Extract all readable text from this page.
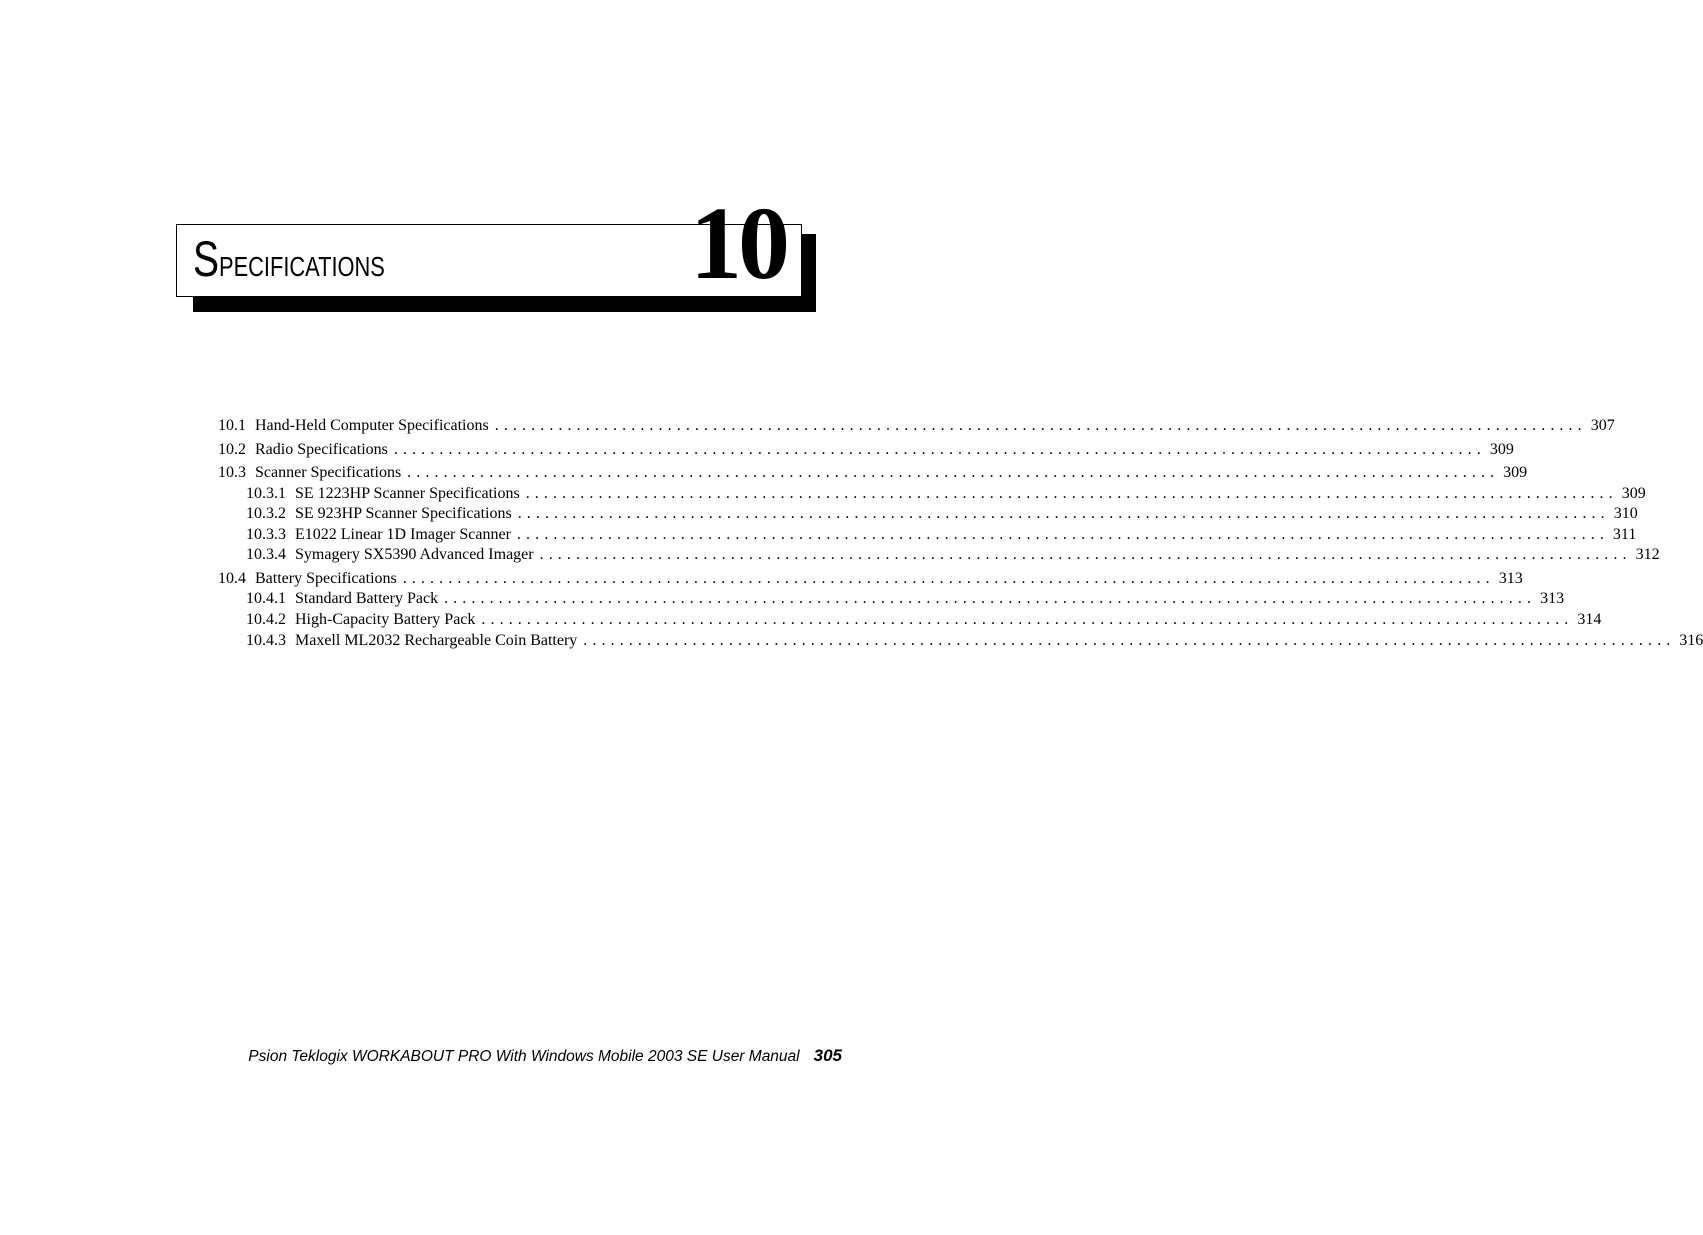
Specifications	10
10.1 Hand-Held Computer Specifications ........................................................................................................................ 307
10.2 Radio Specifications ........................................................................................................................ 309
10.3 Scanner Specifications ........................................................................................................................ 309
10.3.1 SE 1223HP Scanner Specifications ........................................................................................................................ 309
10.3.2 SE 923HP Scanner Specifications ........................................................................................................................ 310
10.3.3 E1022 Linear 1D Imager Scanner ........................................................................................................................ 311
10.3.4 Symagery SX5390 Advanced Imager ........................................................................................................................ 312
10.4 Battery Specifications ........................................................................................................................ 313
10.4.1 Standard Battery Pack ........................................................................................................................ 313
10.4.2 High-Capacity Battery Pack ........................................................................................................................ 314
10.4.3 Maxell ML2032 Rechargeable Coin Battery ........................................................................................................................ 316
Psion Teklogix WORKABOUT PRO With Windows Mobile 2003 SE User Manual 305
